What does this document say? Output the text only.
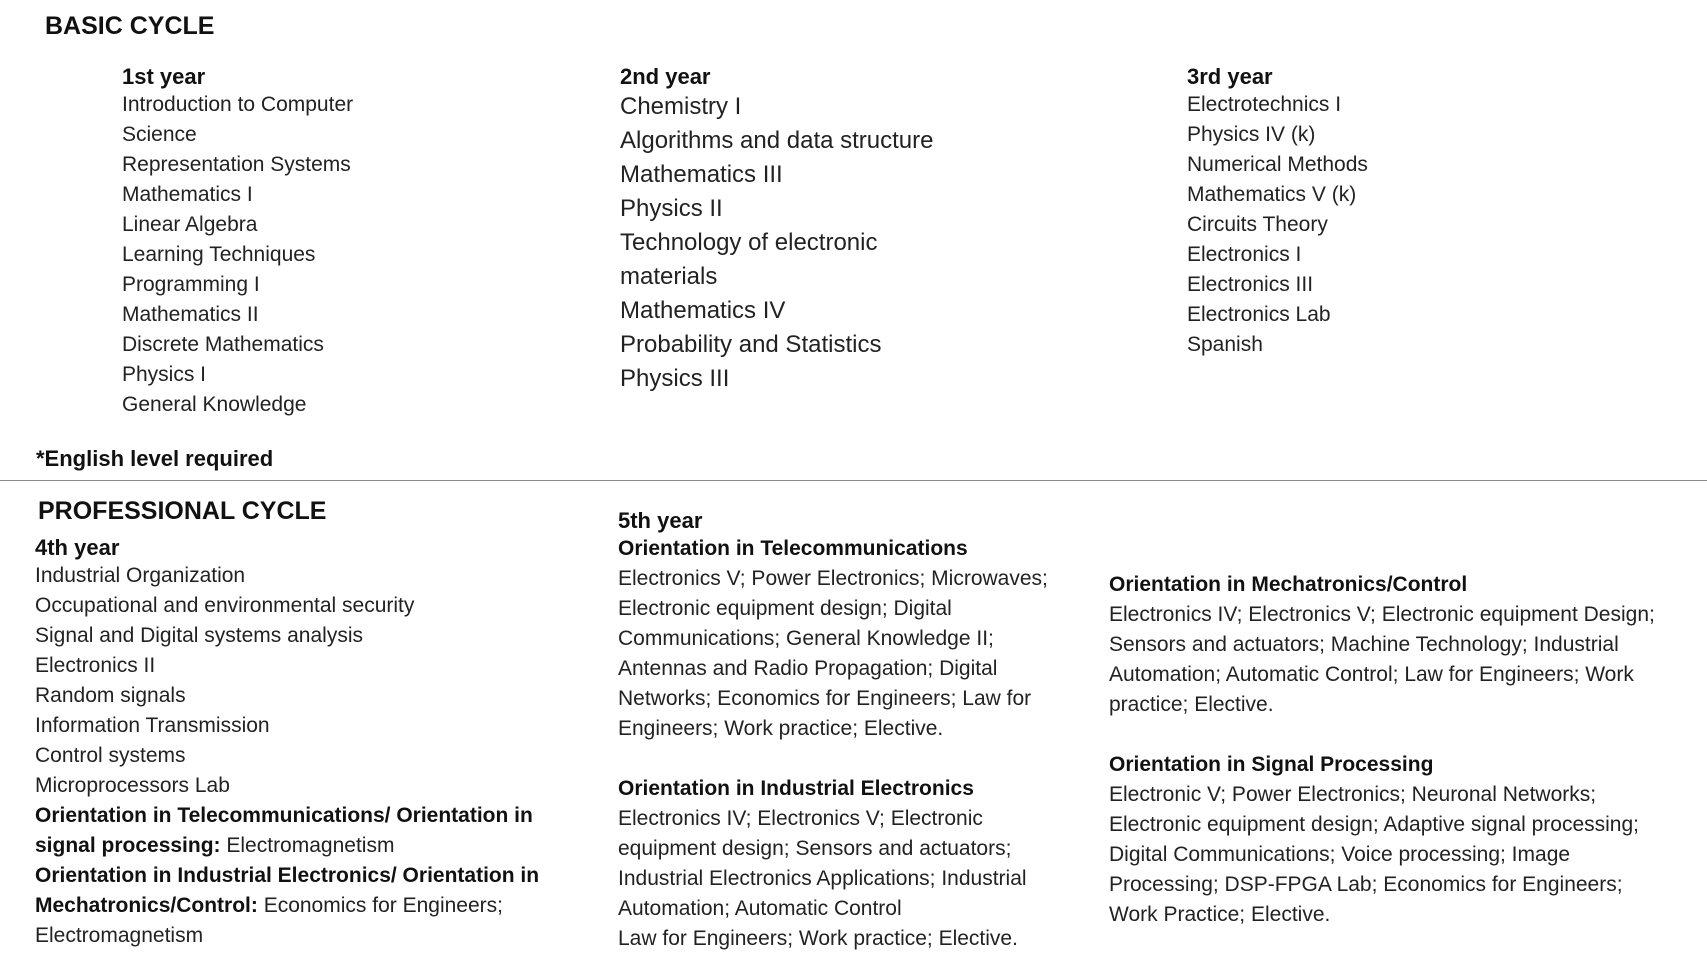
BASIC CYCLE
1st year
Introduction to Computer
Science
Representation Systems
Mathematics I
Linear Algebra
Learning Techniques
Programming I
Mathematics II
Discrete Mathematics
Physics I
General Knowledge
2nd year
Chemistry I
Algorithms and data structure
Mathematics III
Physics II
Technology of electronic
materials
Mathematics IV
Probability and Statistics
Physics III
3rd year
Electrotechnics I
Physics IV (k)
Numerical Methods
Mathematics V (k)
Circuits Theory
Electronics I
Electronics III
Electronics Lab
Spanish
*English level required
PROFESSIONAL CYCLE
4th year
Industrial Organization
Occupational and environmental security
Signal and Digital systems analysis
Electronics II
Random signals
Information Transmission
Control systems
Microprocessors Lab
Orientation in Telecommunications/ Orientation in signal processing: Electromagnetism
Orientation in Industrial Electronics/ Orientation in Mechatronics/Control: Economics for Engineers; Electromagnetism
5th year
Orientation in Telecommunications
Electronics V; Power Electronics; Microwaves; Electronic equipment design; Digital Communications; General Knowledge II; Antennas and Radio Propagation; Digital Networks; Economics for Engineers; Law for Engineers; Work practice; Elective.
Orientation in Industrial Electronics
Electronics IV; Electronics V; Electronic equipment design; Sensors and actuators; Industrial Electronics Applications; Industrial Automation; Automatic Control
Law for Engineers; Work practice; Elective.
Orientation in Mechatronics/Control
Electronics IV; Electronics V; Electronic equipment Design; Sensors and actuators; Machine Technology; Industrial Automation; Automatic Control; Law for Engineers; Work practice; Elective.
Orientation in Signal Processing
Electronic V; Power Electronics; Neuronal Networks; Electronic equipment design; Adaptive signal processing; Digital Communications; Voice processing; Image Processing; DSP-FPGA Lab; Economics for Engineers; Work Practice; Elective.
